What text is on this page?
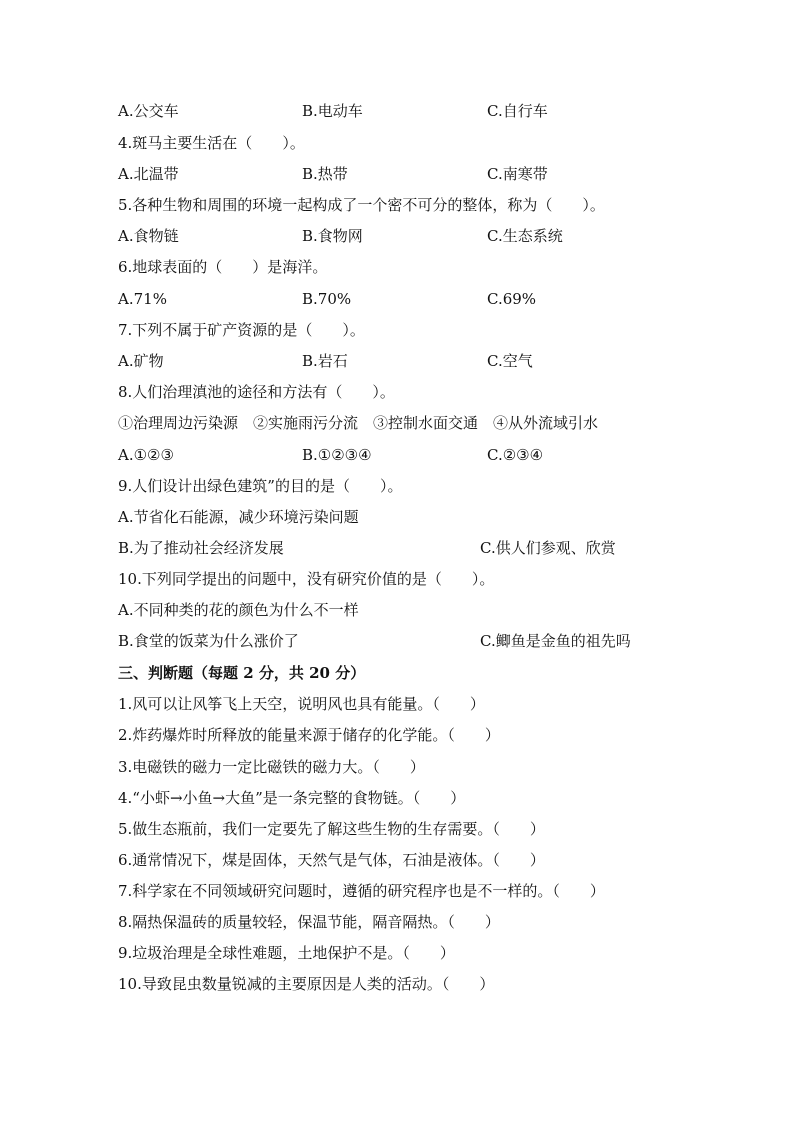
A.公交车	B.电动车	C.自行车
4.斑马主要生活在（　　）。
A.北温带	B.热带	C.南寒带
5.各种生物和周围的环境一起构成了一个密不可分的整体，称为（　　）。
A.食物链	B.食物网	C.生态系统
6.地球表面的（　　）是海洋。
A.71%	B.70%	C.69%
7.下列不属于矿产资源的是（　　）。
A.矿物	B.岩石	C.空气
8.人们治理滇池的途径和方法有（　　）。
①治理周边污染源　②实施雨污分流　③控制水面交通　④从外流域引水
A.①②③	B.①②③④	C.②③④
9.人们设计出绿色建筑”的目的是（　　）。
A.节省化石能源，减少环境污染问题
B.为了推动社会经济发展	C.供人们参观、欣赏
10.下列同学提出的问题中，没有研究价值的是（　　）。
A.不同种类的花的颜色为什么不一样
B.食堂的饭菜为什么涨价了	C.鲫鱼是金鱼的祖先吗
三、判断题（每题 2 分，共 20 分）
1.风可以让风筝飞上天空，说明风也具有能量。（　　）
2.炸药爆炸时所释放的能量来源于储存的化学能。（　　）
3.电磁铁的磁力一定比磁铁的磁力大。（　　）
4.“小虾→小鱼→大鱼”是一条完整的食物链。（　　）
5.做生态瓶前，我们一定要先了解这些生物的生存需要。（　　）
6.通常情况下，煤是固体，天然气是气体，石油是液体。（　　）
7.科学家在不同领域研究问题时，遵循的研究程序也是不一样的。（　　）
8.隔热保温砖的质量较轻，保温节能，隔音隔热。（　　）
9.垃圾治理是全球性难题，土地保护不是。（　　）
10.导致昆虫数量锐减的主要原因是人类的活动。（　　）
